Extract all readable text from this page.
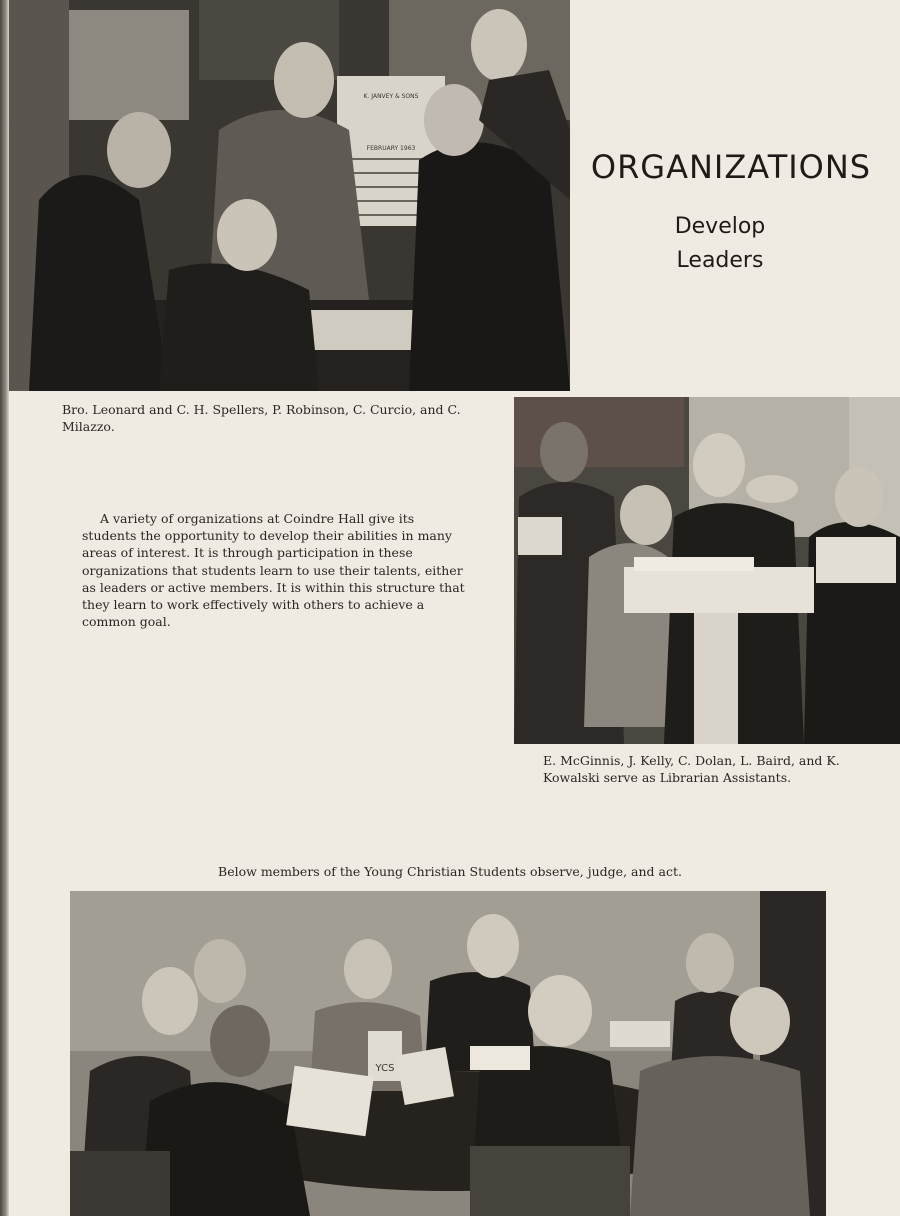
K. JANVEY & SONS
FEBRUARY 1963	ORGANIZATIONS
Develop
Leaders
Bro. Leonard and C. H. Spellers, P. Robinson, C. Curcio, and C. Milazzo.
A variety of organizations at Coindre Hall give its students the opportunity to develop their abilities in many areas of interest. It is through participation in these organizations that students learn to use their talents, either as leaders or active members. It is within this structure that they learn to work effectively with others to achieve a common goal.
E. McGinnis, J. Kelly, C. Dolan, L. Baird, and K. Kowalski serve as Librarian Assistants.
Below members of the Young Christian Students observe, judge, and act.
YCS
